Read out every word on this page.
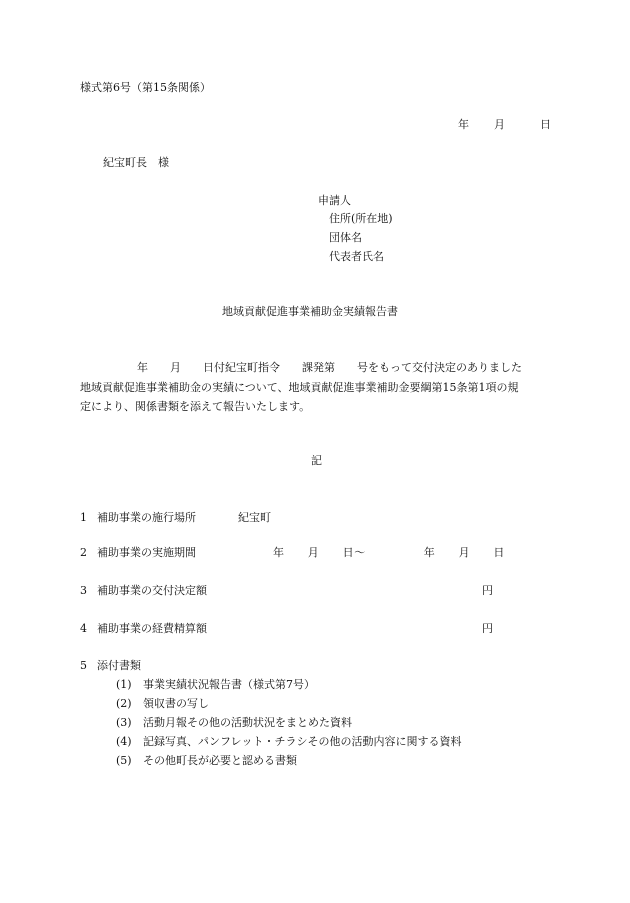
様式第6号（第15条関係）
年 月	日
紀宝町長　様
申請人
住所(所在地)
団体名
代表者氏名
地域貢献促進事業補助金実績報告書
年　　月　　日付紀宝町指令　　課発第　　号をもって交付決定のありました
地域貢献促進事業補助金の実績について、地域貢献促進事業補助金要綱第15条第1項の規
定により、関係書類を添えて報告いたします。
記
1 補助事業の施行場所	紀宝町
2 補助事業の実施期間	年　　月　　日～　　　　　年　　月　　日
3 補助事業の交付決定額	円
4 補助事業の経費精算額	円
5 添付書類
(1) 事業実績状況報告書（様式第7号）
(2) 領収書の写し
(3) 活動月報その他の活動状況をまとめた資料
(4) 記録写真、パンフレット・チラシその他の活動内容に関する資料
(5) その他町長が必要と認める書類
